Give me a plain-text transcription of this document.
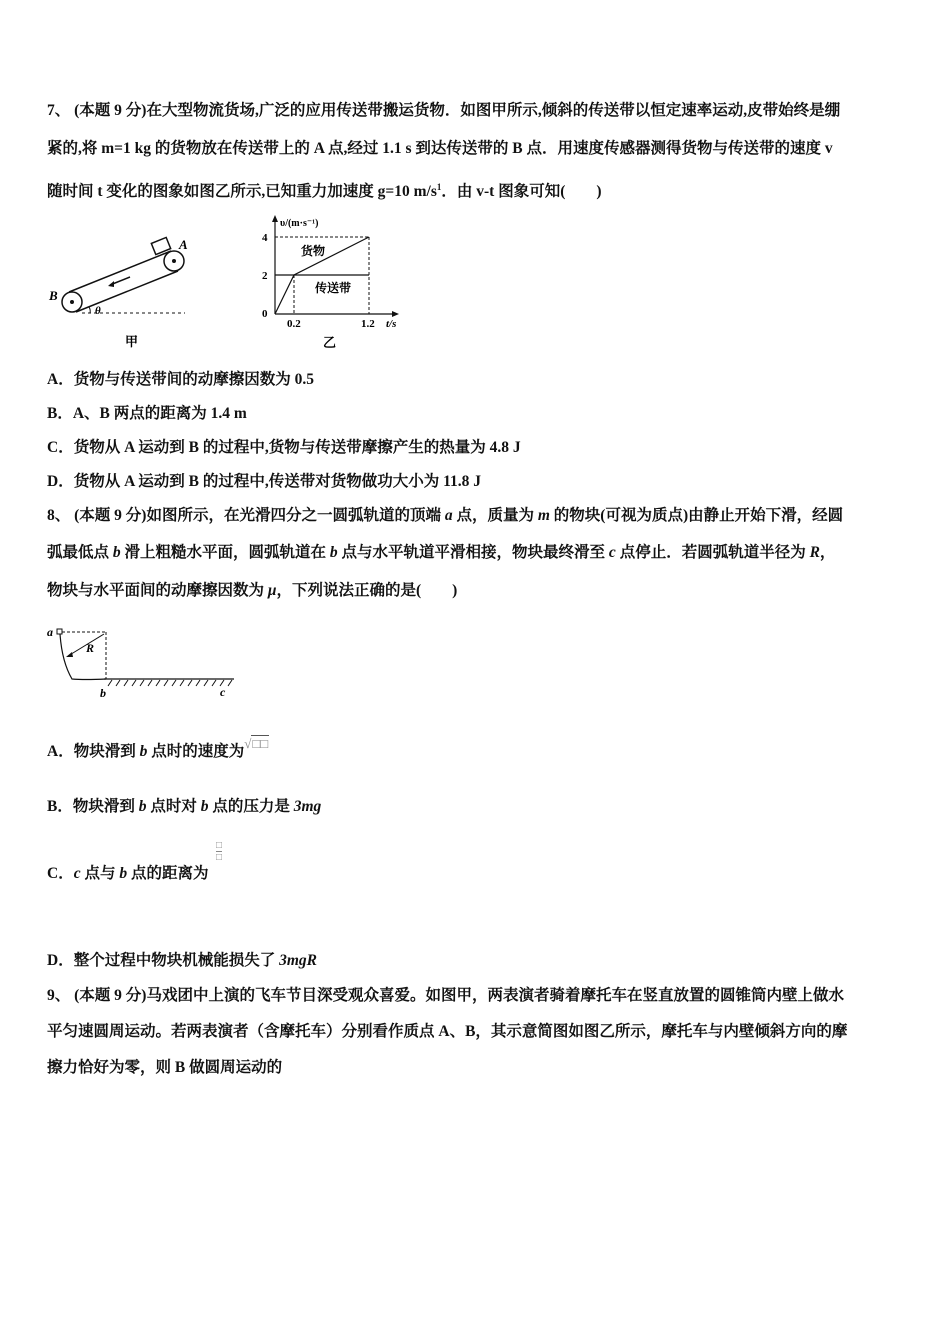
7、 (本题 9 分)在大型物流货场,广泛的应用传送带搬运货物．如图甲所示,倾斜的传送带以恒定速率运动,皮带始终是绷
紧的,将 m=1 kg 的货物放在传送带上的 A 点,经过 1.1 s 到达传送带的 B 点．用速度传感器测得货物与传送带的速度 v
随时间 t 变化的图象如图乙所示,已知重力加速度 g=10 $m/s^1$．由 v-t 图象可知(　　)
A
B
θ
甲
υ/(m·s⁻¹)
4
2
0
0.2	1.2 t/s
货物
传送带
乙
A．货物与传送带间的动摩擦因数为 0.5
B．A、B 两点的距离为 1.4 m
C．货物从 A 运动到 B 的过程中,货物与传送带摩擦产生的热量为 4.8 J
D．货物从 A 运动到 B 的过程中,传送带对货物做功大小为 11.8 J
8、 (本题 9 分)如图所示，在光滑四分之一圆弧轨道的顶端 a 点，质量为 m 的物块(可视为质点)由静止开始下滑，经圆
弧最低点 b 滑上粗糙水平面，圆弧轨道在 b 点与水平轨道平滑相接，物块最终滑至 c 点停止．若圆弧轨道半径为 R，
物块与水平面间的动摩擦因数为 μ，下列说法正确的是(　　)
a
R
b	c
A．物块滑到 b 点时的速度为√□□
B．物块滑到 b 点时对 b 点的压力是 3mg
C．c 点与 b 点的距离为
□
□
D．整个过程中物块机械能损失了 3mgR
9、 (本题 9 分)马戏团中上演的飞车节目深受观众喜爱。如图甲，两表演者骑着摩托车在竖直放置的圆锥筒内壁上做水
平匀速圆周运动。若两表演者（含摩托车）分别看作质点 A、B，其示意简图如图乙所示，摩托车与内壁倾斜方向的摩
擦力恰好为零，则 B 做圆周运动的
